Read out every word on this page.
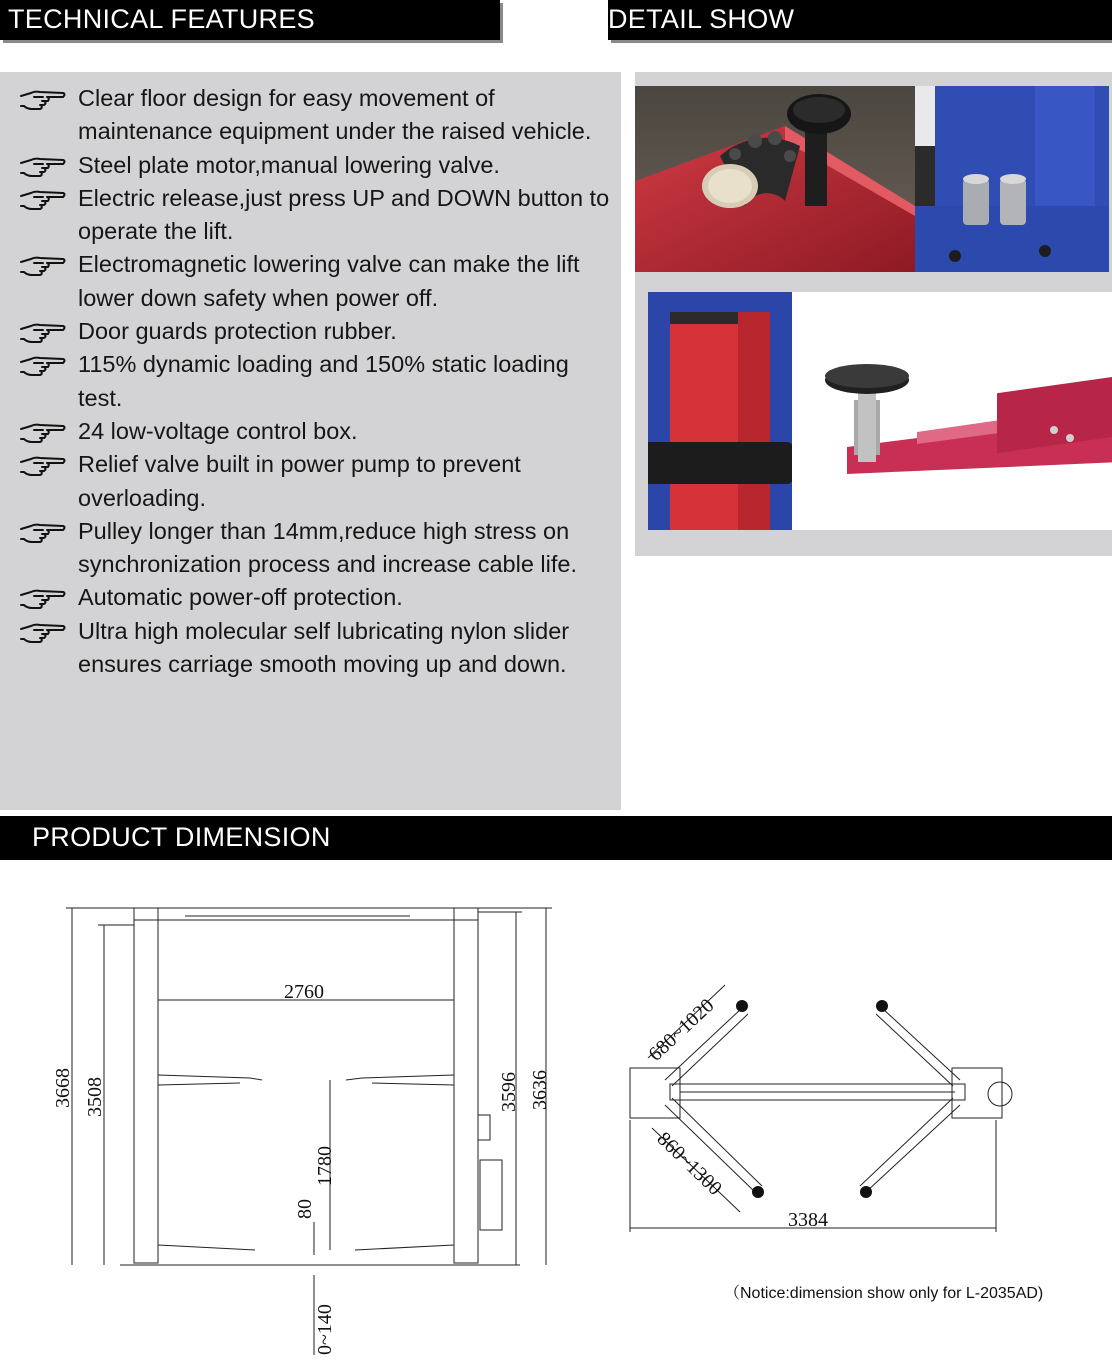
TECHNICAL FEATURES	DETAIL SHOW
Clear floor design for easy movement of maintenance equipment under the raised vehicle.
Steel plate motor,manual lowering valve.
Electric release,just press UP and DOWN button to operate the lift.
Electromagnetic lowering valve can make the lift lower down safety when power off.
Door guards protection rubber.
115% dynamic loading and 150% static loading test.
24 low-voltage control box.
Relief valve built in power pump to prevent overloading.
Pulley longer than 14mm,reduce high stress on synchronization process and increase cable life.
Automatic power-off protection.
Ultra high molecular self lubricating nylon slider ensures carriage smooth moving up and down.
PRODUCT DIMENSION
3668 3508
2760
3596 3636
1780
80
0~140
680~1020
860~1300
3384
（Notice:dimension show only for L-2035AD)
